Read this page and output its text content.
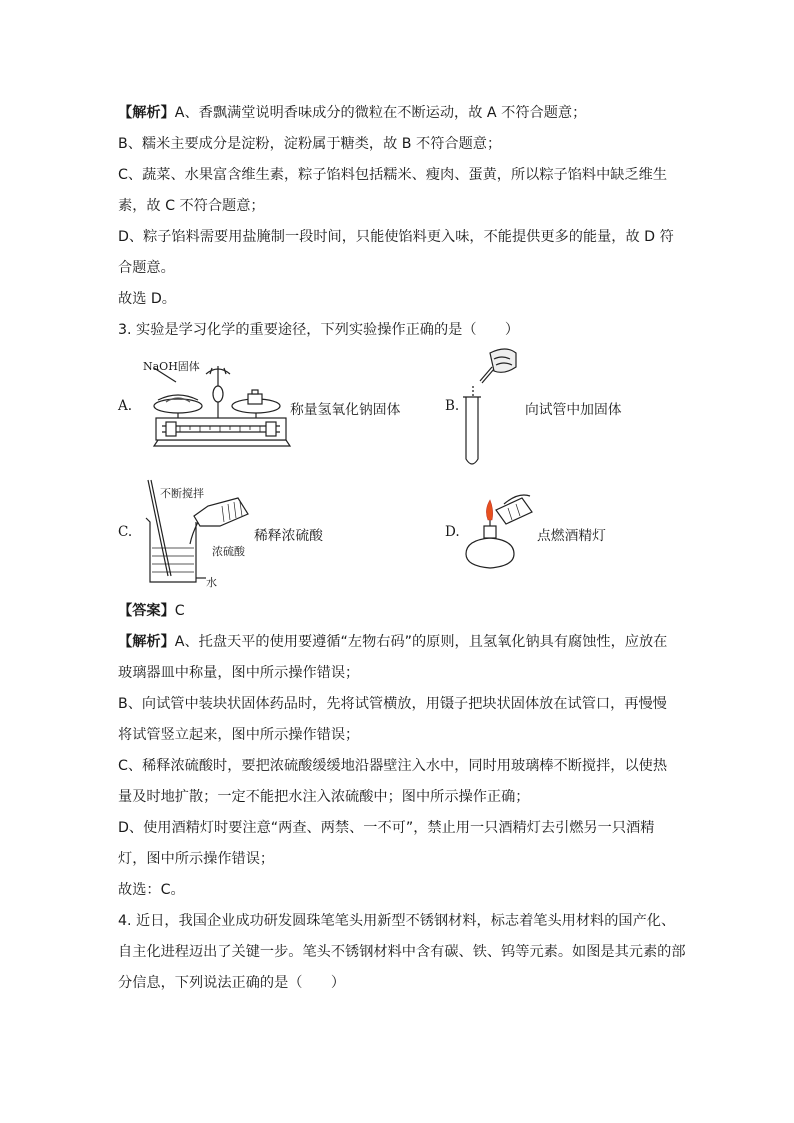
【解析】A、香飘满堂说明香味成分的微粒在不断运动，故 A 不符合题意；
B、糯米主要成分是淀粉，淀粉属于糖类，故 B 不符合题意；
C、蔬菜、水果富含维生素，粽子馅料包括糯米、瘦肉、蛋黄，所以粽子馅料中缺乏维生
素，故 C 不符合题意；
D、粽子馅料需要用盐腌制一段时间，只能使馅料更入味，不能提供更多的能量，故 D 符
合题意。
故选 D。
3. 实验是学习化学的重要途径，下列实验操作正确的是（　　）
A.
NaOH固体
称量氢氧化钠固体	B.	向试管中加固体
C.
不断搅拌
浓硫酸
水
稀释浓硫酸	D.	点燃酒精灯
【答案】C
【解析】A、托盘天平的使用要遵循“左物右码”的原则，且氢氧化钠具有腐蚀性，应放在
玻璃器皿中称量，图中所示操作错误；
B、向试管中装块状固体药品时，先将试管横放，用镊子把块状固体放在试管口，再慢慢
将试管竖立起来，图中所示操作错误；
C、稀释浓硫酸时，要把浓硫酸缓缓地沿器壁注入水中，同时用玻璃棒不断搅拌，以使热
量及时地扩散；一定不能把水注入浓硫酸中；图中所示操作正确；
D、使用酒精灯时要注意“两查、两禁、一不可”，禁止用一只酒精灯去引燃另一只酒精
灯，图中所示操作错误；
故选：C。
4. 近日，我国企业成功研发圆珠笔笔头用新型不锈钢材料，标志着笔头用材料的国产化、
自主化进程迈出了关键一步。笔头不锈钢材料中含有碳、铁、钨等元素。如图是其元素的部
分信息，下列说法正确的是（　　）
